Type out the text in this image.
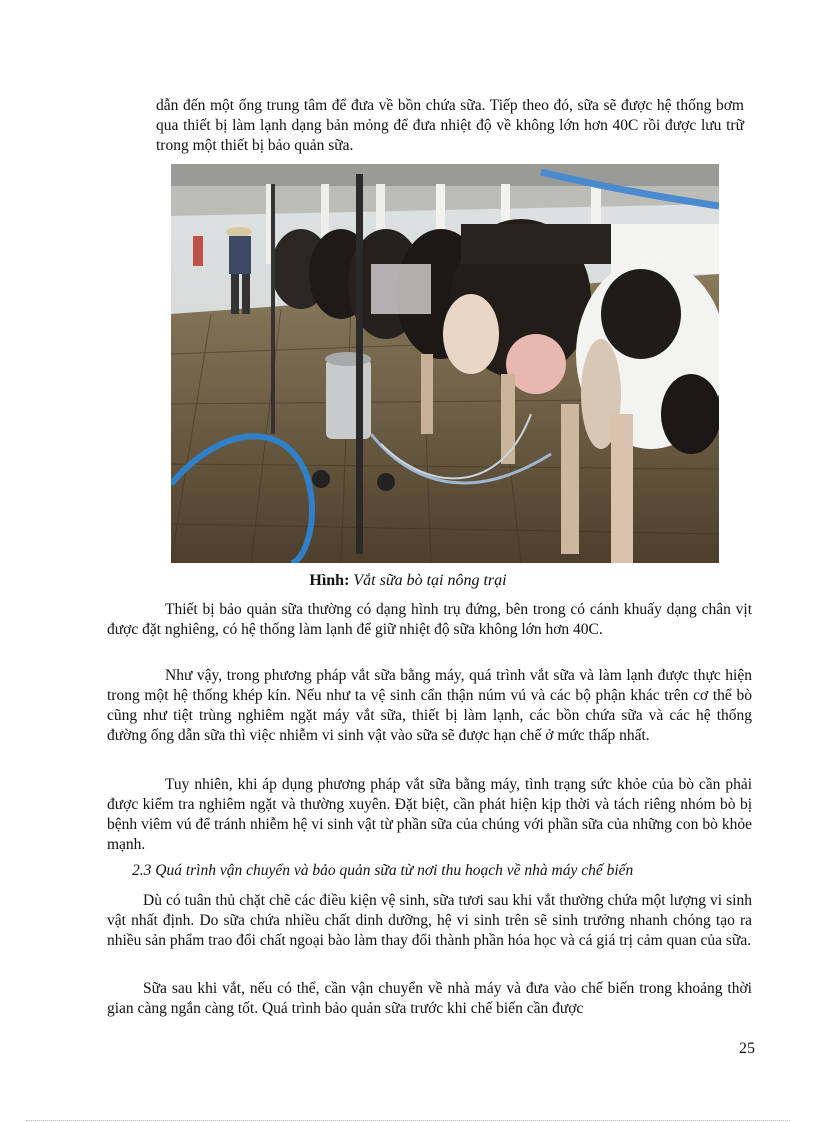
dẫn đến một ống trung tâm để đưa về bồn chứa sữa. Tiếp theo đó, sữa sẽ được hệ thống bơm qua thiết bị làm lạnh dạng bản mỏng để đưa nhiệt độ về không lớn hơn 40C rồi được lưu trữ trong một thiết bị bảo quản sữa.

Hình: Vắt sữa bò tại nông trại

Thiết bị bảo quản sữa thường có dạng hình trụ đứng, bên trong có cánh khuấy dạng chân vịt được đặt nghiêng, có hệ thống làm lạnh để giữ nhiệt độ sữa không lớn hơn 40C.

Như vậy, trong phương pháp vắt sữa bằng máy, quá trình vắt sữa và làm lạnh được thực hiện trong một hệ thống khép kín. Nếu như ta vệ sinh cẩn thận núm vú và các bộ phận khác trên cơ thể bò cũng như tiệt trùng nghiêm ngặt máy vắt sữa, thiết bị làm lạnh, các bồn chứa sữa và các hệ thống đường ống dẫn sữa thì việc nhiễm vi sinh vật vào sữa sẽ được hạn chế ở mức thấp nhất.

Tuy nhiên, khi áp dụng phương pháp vắt sữa bằng máy, tình trạng sức khỏe của bò cần phải được kiểm tra nghiêm ngặt và thường xuyên. Đặt biệt, cần phát hiện kịp thời và tách riêng nhóm bò bị bệnh viêm vú để tránh nhiễm hệ vi sinh vật từ phần sữa của chúng với phần sữa của những con bò khỏe mạnh.

2.3 Quá trình vận chuyển và bảo quản sữa từ nơi thu hoạch về nhà máy chế biến

Dù có tuân thủ chặt chẽ các điều kiện vệ sinh, sữa tươi sau khi vắt thường chứa một lượng vi sinh vật nhất định. Do sữa chứa nhiều chất dinh dưỡng, hệ vi sinh trên sẽ sinh trưởng nhanh chóng tạo ra nhiều sản phẩm trao đổi chất ngoại bào làm thay đổi thành phần hóa học và cá giá trị cảm quan của sữa.

Sữa sau khi vắt, nếu có thể, cần vận chuyển về nhà máy và đưa vào chế biến trong khoảng thời gian càng ngắn càng tốt. Quá trình bảo quản sữa trước khi chế biến cần được

25
